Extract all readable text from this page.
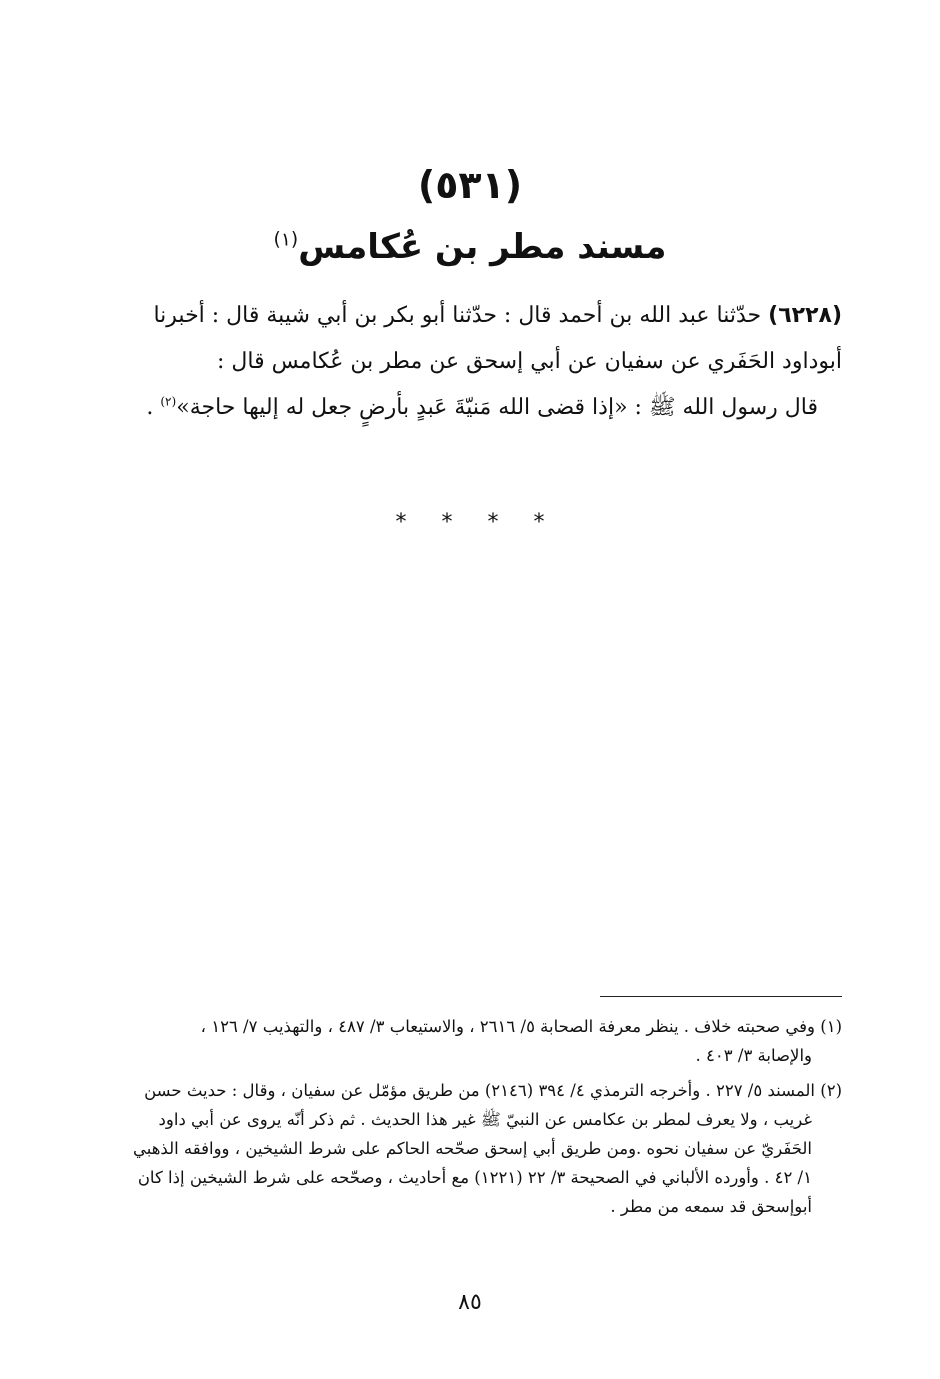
(٥٣١)
مسند مطر بن عُكامس$^{(١)}$
(٦٢٢٨) حدّثنا عبد الله بن أحمد قال : حدّثنا أبو بكر بن أبي شيبة قال : أخبرنا
أبوداود الحَفَري عن سفيان عن أبي إسحق عن مطر بن عُكامس قال :
قال رسول الله ﷺ : «إذا قضى الله مَنيّةَ عَبدٍ بأرضٍ جعل له إليها حاجة»$^{(٢)}$ .
* * * *
(١) وفي صحبته خلاف . ينظر معرفة الصحابة ٥/ ٢٦١٦ ، والاستيعاب ٣/ ٤٨٧ ، والتهذيب ٧/ ١٢٦ ،
والإصابة ٣/ ٤٠٣ .
(٢) المسند ٥/ ٢٢٧ . وأخرجه الترمذي ٤/ ٣٩٤ (٢١٤٦) من طريق مؤمّل عن سفيان ، وقال : حديث حسن
غريب ، ولا يعرف لمطر بن عكامس عن النبيّ ﷺ غير هذا الحديث . ثم ذكر أنّه يروى عن أبي داود
الحَفَريّ عن سفيان نحوه .ومن طريق أبي إسحق صحّحه الحاكم على شرط الشيخين ، ووافقه الذهبي
١/ ٤٢ . وأورده الألباني في الصحيحة ٣/ ٢٢ (١٢٢١) مع أحاديث ، وصحّحه على شرط الشيخين إذا كان
أبوإسحق قد سمعه من مطر .
٨٥
